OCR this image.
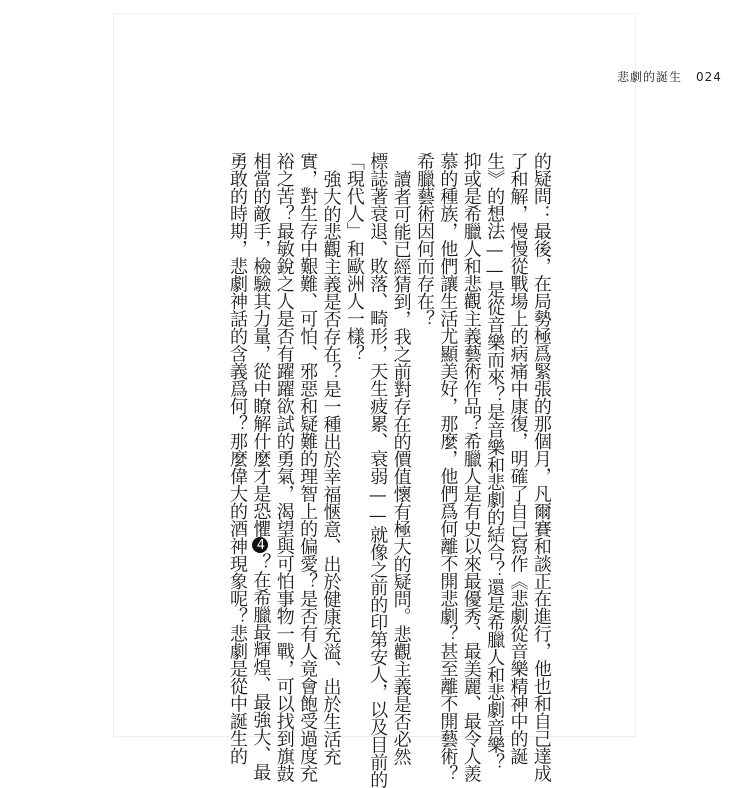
悲劇的誕生 024
的疑問：最後，在局勢極爲緊張的那個月，凡爾賽和談正在進行，他也和自己達成
了和解，慢慢從戰場上的病痛中康復，明確了自己寫作《悲劇從音樂精神中的誕
生》的想法——是從音樂而來？是音樂和悲劇的結合？還是希臘人和悲劇音樂？
抑或是希臘人和悲觀主義藝術作品？希臘人是有史以來最優秀、最美麗、最令人羨
慕的種族，他們讓生活尤顯美好，那麼，他們爲何離不開悲劇？甚至離不開藝術？
希臘藝術因何而存在？
讀者可能已經猜到，我之前對存在的價值懷有極大的疑問。悲觀主義是否必然
標誌著衰退、敗落、畸形，天生疲累、衰弱——就像之前的印第安人，以及目前的
「現代人」和歐洲人一樣？
強大的悲觀主義是否存在？是一種出於幸福愜意、出於健康充溢、出於生活充
實，對生存中艱難、可怕、邪惡和疑難的理智上的偏愛？是否有人竟會飽受過度充
裕之苦？最敏銳之人是否有躍躍欲試的勇氣，渴望與可怕事物一戰，可以找到旗鼓
相當的敵手，檢驗其力量，從中瞭解什麼才是恐懼4？在希臘最輝煌、最強大、最
勇敢的時期，悲劇神話的含義爲何？那麼偉大的酒神現象呢？悲劇是從中誕生的
